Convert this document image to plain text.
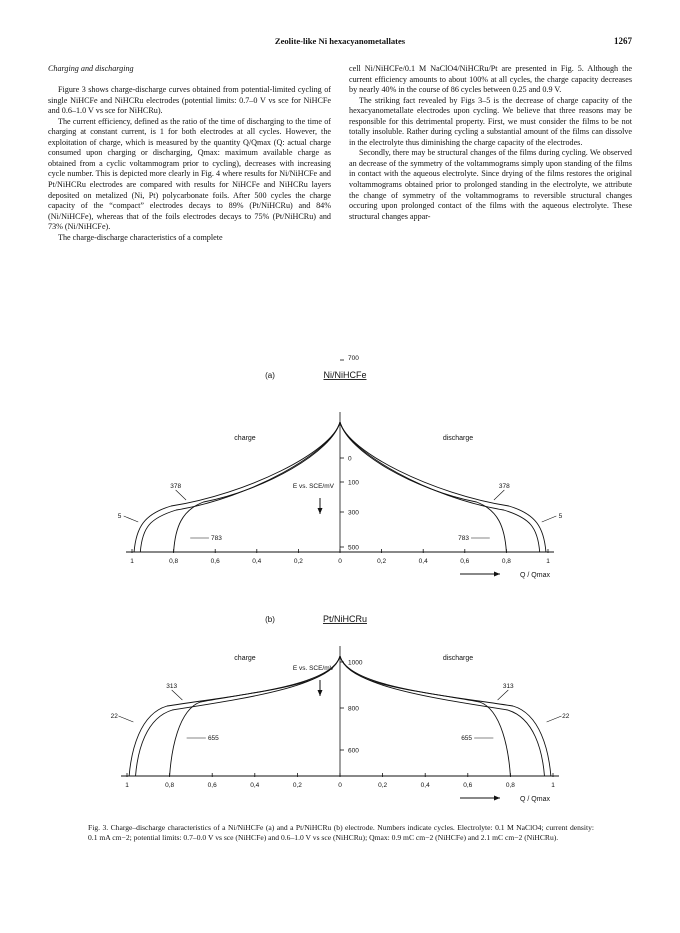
Zeolite-like Ni hexacyanometallates	1267

Charging and discharging

Figure 3 shows charge-discharge curves obtained from potential-limited cycling of single NiHCFe and NiHCRu electrodes (potential limits: 0.7–0 V vs sce for NiHCFe and 0.6–1.0 V vs sce for NiHCRu).

The current efficiency, defined as the ratio of the time of discharging to the time of charging at constant current, is 1 for both electrodes at all cycles. However, the exploitation of charge, which is measured by the quantity Q/Qmax (Q: actual charge consumed upon charging or discharging, Qmax: maximum available charge as obtained from a cyclic voltammogram prior to cycling), decreases with increasing cycle number. This is depicted more clearly in Fig. 4 where results for Ni/NiHCFe and Pt/NiHCRu electrodes are compared with results for NiHCFe and NiHCRu layers deposited on metalized (Ni, Pt) polycarbonate foils. After 500 cycles the charge capacity of the “compact” electrodes decays to 89% (Pt/NiHCRu) and 84% (Ni/NiHCFe), whereas that of the foils electrodes decays to 75% (Pt/NiHCRu) and 73% (Ni/NiHCFe).

The charge-discharge characteristics of a complete

cell Ni/NiHCFe/0.1 M NaClO4/NiHCRu/Pt are presented in Fig. 5. Although the current efficiency amounts to about 100% at all cycles, the charge capacity decreases by nearly 40% in the course of 86 cycles between 0.25 and 0.9 V.

The striking fact revealed by Figs 3–5 is the decrease of charge capacity of the hexacyanometallate electrodes upon cycling. We believe that three reasons may be responsible for this detrimental property. First, we must consider the films to be not totally insoluble. Rather during cycling a substantial amount of the films can dissolve in the electrolyte thus diminishing the charge capacity of the electrodes.

Secondly, there may be structural changes of the films during cycling. We observed an decrease of the symmetry of the voltammograms simply upon standing of the films in contact with the aqueous electrolyte. Since drying of the films restores the original voltammograms obtained prior to prolonged standing in the electrolyte, we attribute the change of symmetry of the voltammograms to reversible structural changes occuring upon prolonged contact of the films with the aqueous electrolyte. These structural changes appar-

(a)	Ni/NiHCFe
charge	discharge
1	0,8	0,6	0,4	0,2	0	0,2	0,4	0,6	0,8	1
Q / Qmax
0
100
300
500
700
E vs. SCE/mV
378
5
783
378
5
783
(b)	Pt/NiHCRu
charge	discharge
1	0,8	0,6	0,4	0,2	0	0,2	0,4	0,6	0,8	1
Q / Qmax
1000
800
600
E vs. SCE/mV
313
22
655
313
22
655
Fig. 3. Charge–discharge characteristics of a Ni/NiHCFe (a) and a Pt/NiHCRu (b) electrode. Numbers indicate cycles. Electrolyte: 0.1 M NaClO4; current density: 0.1 mA cm−2; potential limits: 0.7–0.0 V vs sce (NiHCFe) and 0.6–1.0 V vs sce (NiHCRu); Qmax: 0.9 mC cm−2 (NiHCFe) and 2.1 mC cm−2 (NiHCRu).
